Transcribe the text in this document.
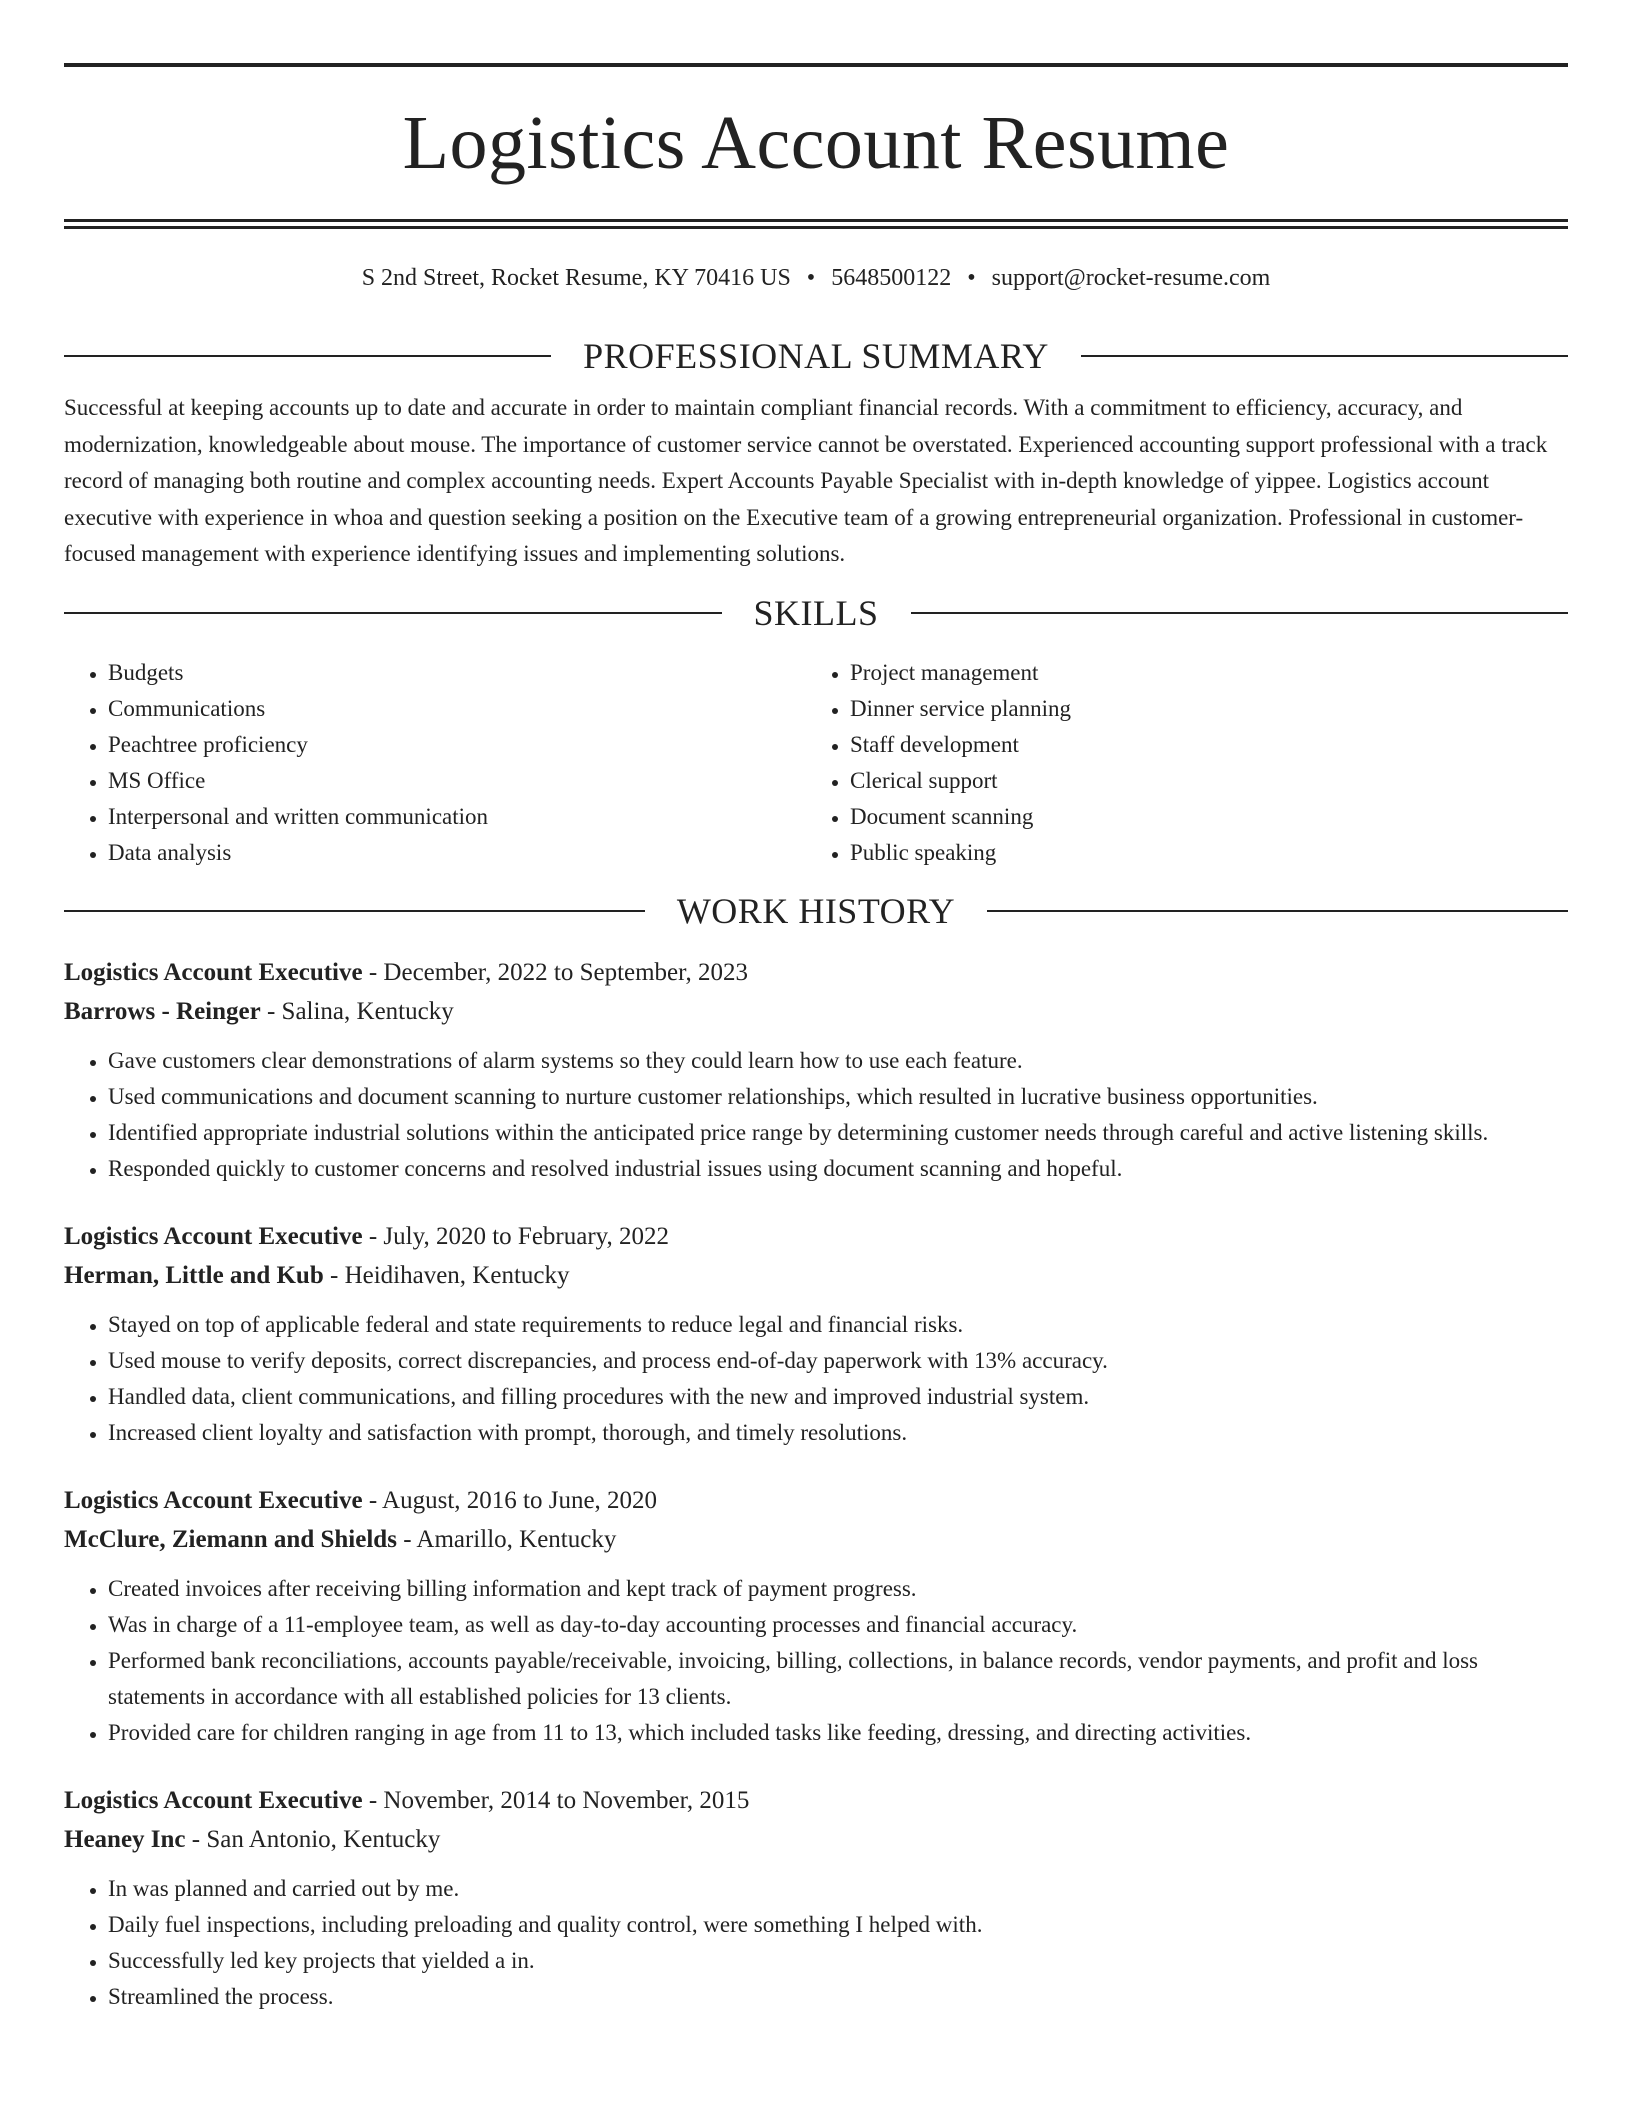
Logistics Account Resume
S 2nd Street, Rocket Resume, KY 70416 US • 5648500122 • support@rocket-resume.com
PROFESSIONAL SUMMARY
Successful at keeping accounts up to date and accurate in order to maintain compliant financial records. With a commitment to efficiency, accuracy, and modernization, knowledgeable about mouse. The importance of customer service cannot be overstated. Experienced accounting support professional with a track record of managing both routine and complex accounting needs. Expert Accounts Payable Specialist with in-depth knowledge of yippee. Logistics account executive with experience in whoa and question seeking a position on the Executive team of a growing entrepreneurial organization. Professional in customer-focused management with experience identifying issues and implementing solutions.
SKILLS
• Budgets
• Communications
• Peachtree proficiency
• MS Office
• Interpersonal and written communication
• Data analysis
• Project management
• Dinner service planning
• Staff development
• Clerical support
• Document scanning
• Public speaking
WORK HISTORY
Logistics Account Executive - December, 2022 to September, 2023
Barrows - Reinger - Salina, Kentucky
• Gave customers clear demonstrations of alarm systems so they could learn how to use each feature.
• Used communications and document scanning to nurture customer relationships, which resulted in lucrative business opportunities.
• Identified appropriate industrial solutions within the anticipated price range by determining customer needs through careful and active listening skills.
• Responded quickly to customer concerns and resolved industrial issues using document scanning and hopeful.
Logistics Account Executive - July, 2020 to February, 2022
Herman, Little and Kub - Heidihaven, Kentucky
• Stayed on top of applicable federal and state requirements to reduce legal and financial risks.
• Used mouse to verify deposits, correct discrepancies, and process end-of-day paperwork with 13% accuracy.
• Handled data, client communications, and filling procedures with the new and improved industrial system.
• Increased client loyalty and satisfaction with prompt, thorough, and timely resolutions.
Logistics Account Executive - August, 2016 to June, 2020
McClure, Ziemann and Shields - Amarillo, Kentucky
• Created invoices after receiving billing information and kept track of payment progress.
• Was in charge of a 11-employee team, as well as day-to-day accounting processes and financial accuracy.
• Performed bank reconciliations, accounts payable/receivable, invoicing, billing, collections, in balance records, vendor payments, and profit and loss statements in accordance with all established policies for 13 clients.
• Provided care for children ranging in age from 11 to 13, which included tasks like feeding, dressing, and directing activities.
Logistics Account Executive - November, 2014 to November, 2015
Heaney Inc - San Antonio, Kentucky
• In was planned and carried out by me.
• Daily fuel inspections, including preloading and quality control, were something I helped with.
• Successfully led key projects that yielded a in.
• Streamlined the process.
